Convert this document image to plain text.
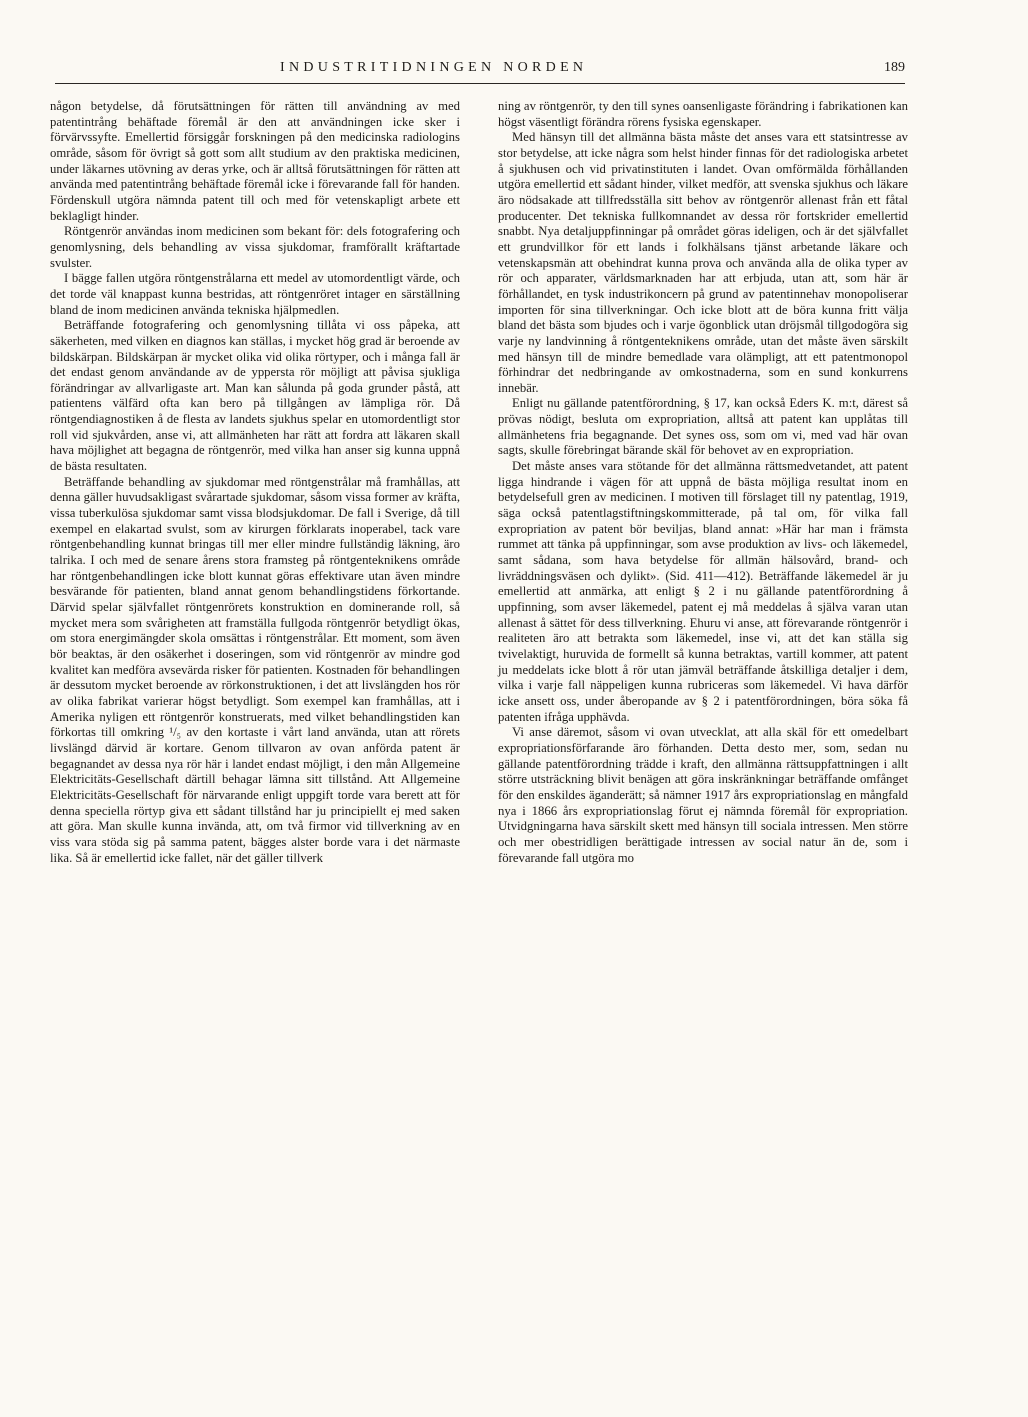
INDUSTRITIDNINGEN NORDEN	189

någon betydelse, då förutsättningen för rätten till användning av med patentintrång behäftade föremål är den att användningen icke sker i förvärvssyfte. Emellertid försiggår forskningen på den medicinska radiologins område, såsom för övrigt så gott som allt studium av den praktiska medicinen, under läkarnes utövning av deras yrke, och är alltså förutsättningen för rätten att använda med patentintrång behäftade föremål icke i förevarande fall för handen. Fördenskull utgöra nämnda patent till och med för vetenskapligt arbete ett beklagligt hinder.

Röntgenrör användas inom medicinen som bekant för: dels fotografering och genomlysning, dels behandling av vissa sjukdomar, framförallt kräftartade svulster.

I bägge fallen utgöra röntgenstrålarna ett medel av utomordentligt värde, och det torde väl knappast kunna bestridas, att röntgenröret intager en särställning bland de inom medicinen använda tekniska hjälpmedlen.

Beträffande fotografering och genomlysning tillåta vi oss påpeka, att säkerheten, med vilken en diagnos kan ställas, i mycket hög grad är beroende av bildskärpan. Bildskärpan är mycket olika vid olika rörtyper, och i många fall är det endast genom användande av de yppersta rör möjligt att påvisa sjukliga förändringar av allvarligaste art. Man kan sålunda på goda grunder påstå, att patientens välfärd ofta kan bero på tillgången av lämpliga rör. Då röntgendiagnostiken å de flesta av landets sjukhus spelar en utomordentligt stor roll vid sjukvården, anse vi, att allmänheten har rätt att fordra att läkaren skall hava möjlighet att begagna de röntgenrör, med vilka han anser sig kunna uppnå de bästa resultaten.

Beträffande behandling av sjukdomar med röntgenstrålar må framhållas, att denna gäller huvudsakligast svårartade sjukdomar, såsom vissa former av kräfta, vissa tuberkulösa sjukdomar samt vissa blodsjukdomar. De fall i Sverige, då till exempel en elakartad svulst, som av kirurgen förklarats inoperabel, tack vare röntgenbehandling kunnat bringas till mer eller mindre fullständig läkning, äro talrika. I och med de senare årens stora framsteg på röntgenteknikens område har röntgenbehandlingen icke blott kunnat göras effektivare utan även mindre besvärande för patienten, bland annat genom behandlingstidens förkortande. Därvid spelar självfallet röntgenrörets konstruktion en dominerande roll, så mycket mera som svårigheten att framställa fullgoda röntgenrör betydligt ökas, om stora energimängder skola omsättas i röntgenstrålar. Ett moment, som även bör beaktas, är den osäkerhet i doseringen, som vid röntgenrör av mindre god kvalitet kan medföra avsevärda risker för patienten. Kostnaden för behandlingen är dessutom mycket beroende av rörkonstruktionen, i det att livslängden hos rör av olika fabrikat varierar högst betydligt. Som exempel kan framhållas, att i Amerika nyligen ett röntgenrör konstruerats, med vilket behandlingstiden kan förkortas till omkring ¹/₅ av den kortaste i vårt land använda, utan att rörets livslängd därvid är kortare. Genom tillvaron av ovan anförda patent är begagnandet av dessa nya rör här i landet endast möjligt, i den mån Allgemeine Elektricitäts-Gesellschaft därtill behagar lämna sitt tillstånd. Att Allgemeine Elektricitäts-Gesellschaft för närvarande enligt uppgift torde vara berett att för denna speciella rörtyp giva ett sådant tillstånd har ju principiellt ej med saken att göra. Man skulle kunna invända, att, om två firmor vid tillverkning av en viss vara stöda sig på samma patent, bägges alster borde vara i det närmaste lika. Så är emellertid icke fallet, när det gäller tillverk

ning av röntgenrör, ty den till synes oansenligaste förändring i fabrikationen kan högst väsentligt förändra rörens fysiska egenskaper.

Med hänsyn till det allmänna bästa måste det anses vara ett statsintresse av stor betydelse, att icke några som helst hinder finnas för det radiologiska arbetet å sjukhusen och vid privatinstituten i landet. Ovan omförmälda förhållanden utgöra emellertid ett sådant hinder, vilket medför, att svenska sjukhus och läkare äro nödsakade att tillfredsställa sitt behov av röntgenrör allenast från ett fåtal producenter. Det tekniska fullkomnandet av dessa rör fortskrider emellertid snabbt. Nya detaljuppfinningar på området göras ideligen, och är det självfallet ett grundvillkor för ett lands i folkhälsans tjänst arbetande läkare och vetenskapsmän att obehindrat kunna prova och använda alla de olika typer av rör och apparater, världsmarknaden har att erbjuda, utan att, som här är förhållandet, en tysk industrikoncern på grund av patentinnehav monopoliserar importen för sina tillverkningar. Och icke blott att de böra kunna fritt välja bland det bästa som bjudes och i varje ögonblick utan dröjsmål tillgodogöra sig varje ny landvinning å röntgenteknikens område, utan det måste även särskilt med hänsyn till de mindre bemedlade vara olämpligt, att ett patentmonopol förhindrar det nedbringande av omkostnaderna, som en sund konkurrens innebär.

Enligt nu gällande patentförordning, § 17, kan också Eders K. m:t, därest så prövas nödigt, besluta om expropriation, alltså att patent kan upplåtas till allmänhetens fria begagnande. Det synes oss, som om vi, med vad här ovan sagts, skulle förebringat bärande skäl för behovet av en expropriation.

Det måste anses vara stötande för det allmänna rättsmedvetandet, att patent ligga hindrande i vägen för att uppnå de bästa möjliga resultat inom en betydelsefull gren av medicinen. I motiven till förslaget till ny patentlag, 1919, säga också patentlagstiftningskommitterade, på tal om, för vilka fall expropriation av patent bör beviljas, bland annat: »Här har man i främsta rummet att tänka på uppfinningar, som avse produktion av livs- och läkemedel, samt sådana, som hava betydelse för allmän hälsovård, brand- och livräddningsväsen och dylikt». (Sid. 411—412). Beträffande läkemedel är ju emellertid att anmärka, att enligt § 2 i nu gällande patentförordning å uppfinning, som avser läkemedel, patent ej må meddelas å själva varan utan allenast å sättet för dess tillverkning. Ehuru vi anse, att förevarande röntgenrör i realiteten äro att betrakta som läkemedel, inse vi, att det kan ställa sig tvivelaktigt, huruvida de formellt så kunna betraktas, vartill kommer, att patent ju meddelats icke blott å rör utan jämväl beträffande åtskilliga detaljer i dem, vilka i varje fall näppeligen kunna rubriceras som läkemedel. Vi hava därför icke ansett oss, under åberopande av § 2 i patentförordningen, böra söka få patenten ifråga upphävda.

Vi anse däremot, såsom vi ovan utvecklat, att alla skäl för ett omedelbart expropriationsförfarande äro förhanden. Detta desto mer, som, sedan nu gällande patentförordning trädde i kraft, den allmänna rättsuppfattningen i allt större utsträckning blivit benägen att göra inskränkningar beträffande omfånget för den enskildes äganderätt; så nämner 1917 års expropriationslag en mångfald nya i 1866 års expropriationslag förut ej nämnda föremål för expropriation. Utvidgningarna hava särskilt skett med hänsyn till sociala intressen. Men större och mer obestridligen berättigade intressen av social natur än de, som i förevarande fall utgöra mo
